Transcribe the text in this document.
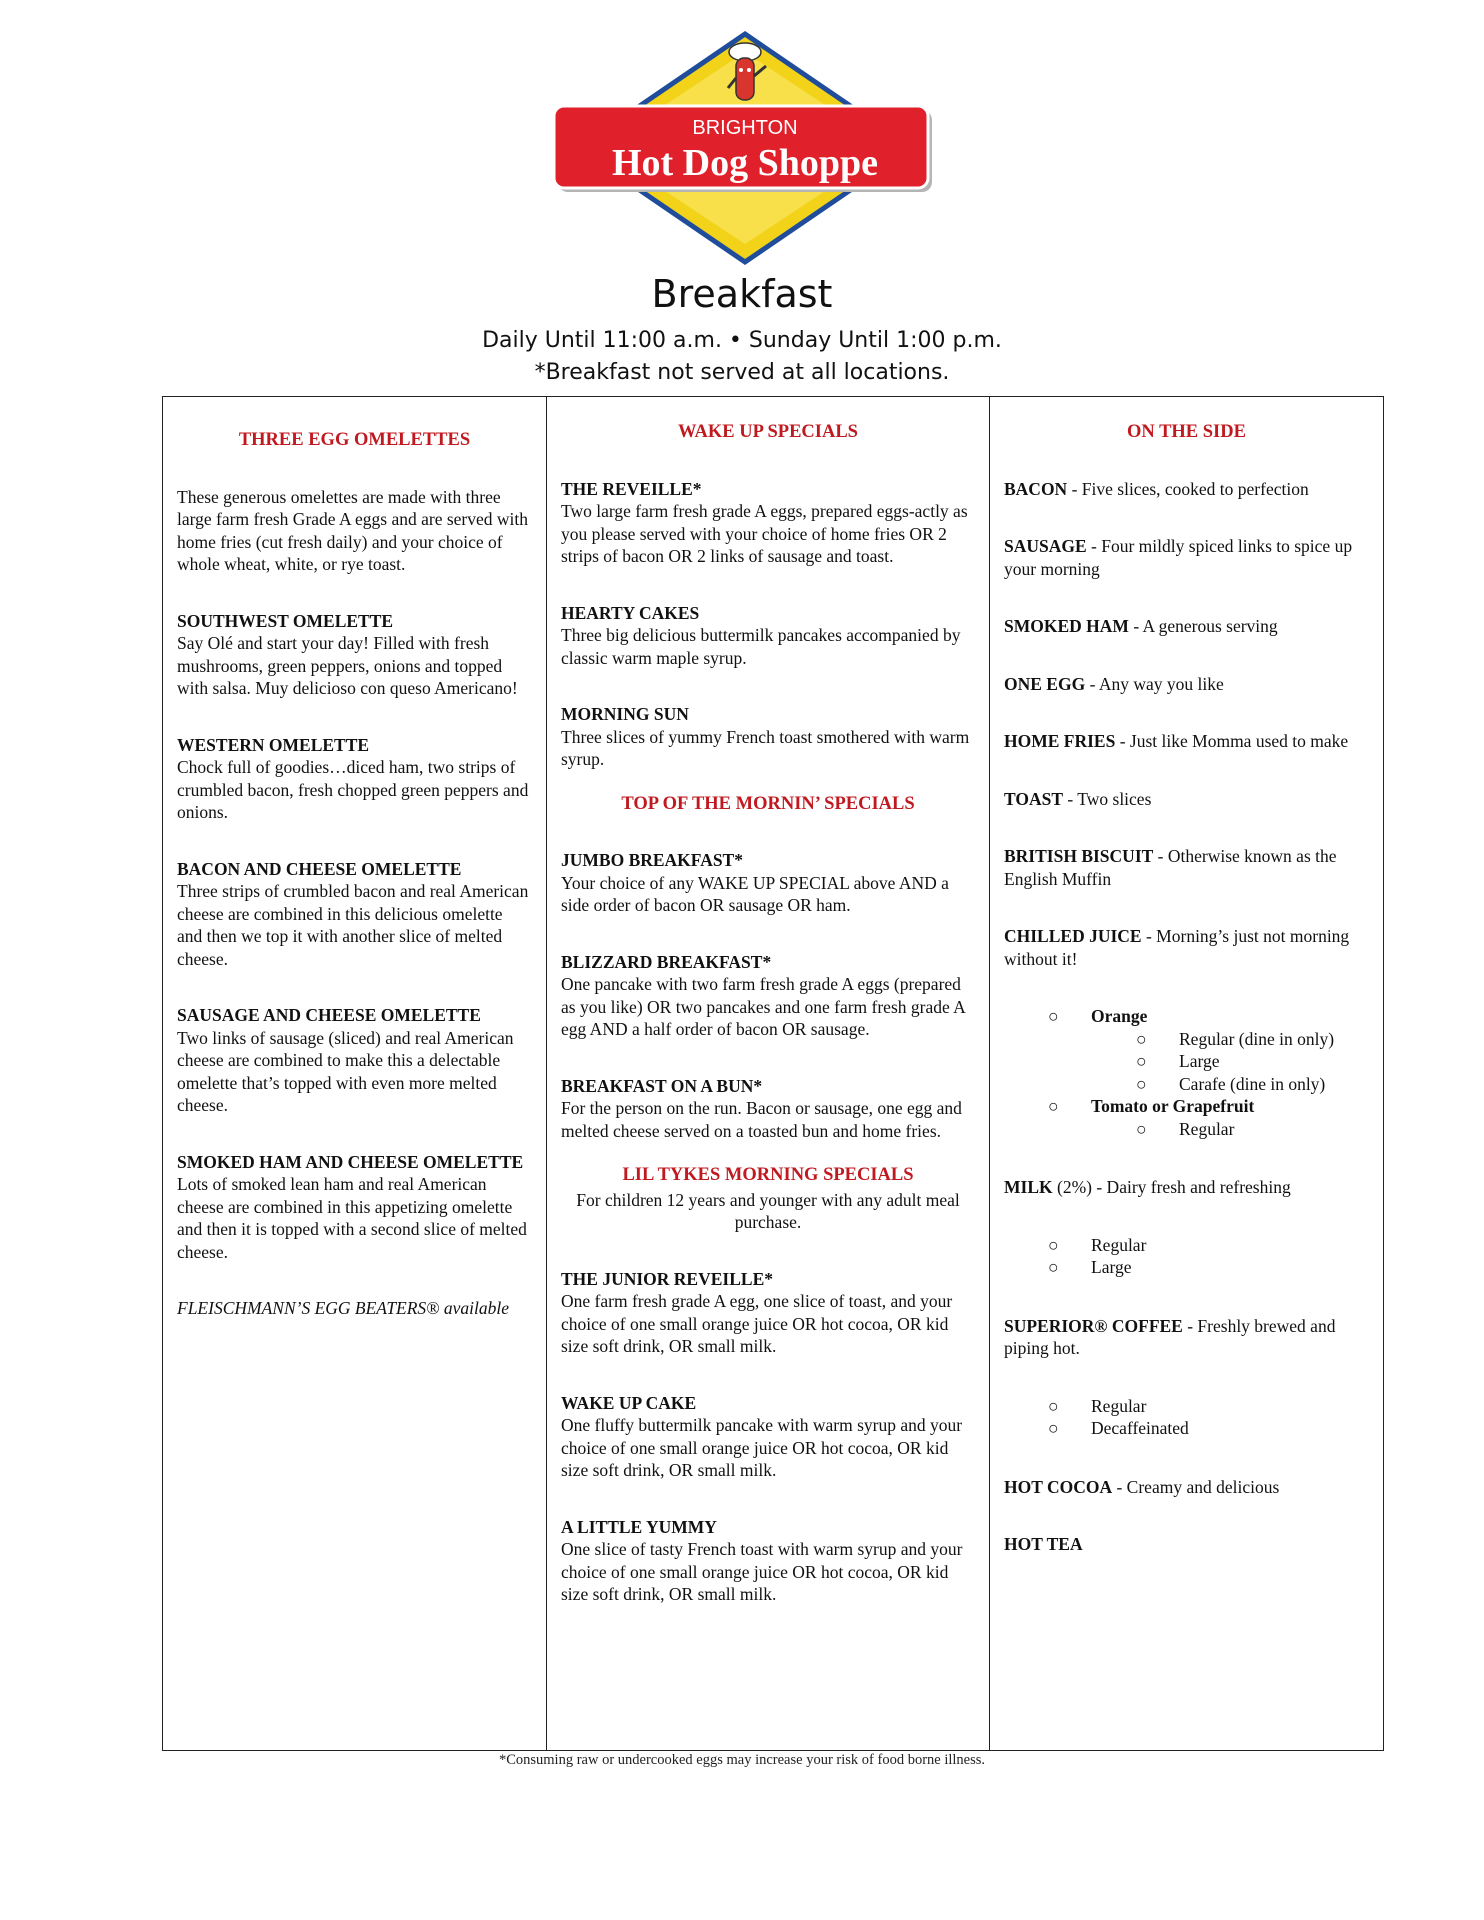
BRIGHTON
Hot Dog Shoppe
Breakfast
Daily Until 11:00 a.m. • Sunday Until 1:00 p.m.
*Breakfast not served at all locations.
THREE EGG OMELETTES
These generous omelettes are made with three large farm fresh Grade A eggs and are served with home fries (cut fresh daily) and your choice of whole wheat, white, or rye toast.
SOUTHWEST OMELETTE
Say Olé and start your day! Filled with fresh mushrooms, green peppers, onions and topped with salsa. Muy delicioso con queso Americano!
WESTERN OMELETTE
Chock full of goodies…diced ham, two strips of crumbled bacon, fresh chopped green peppers and onions.
BACON AND CHEESE OMELETTE
Three strips of crumbled bacon and real American cheese are combined in this delicious omelette and then we top it with another slice of melted cheese.
SAUSAGE AND CHEESE OMELETTE
Two links of sausage (sliced) and real American cheese are combined to make this a delectable omelette that’s topped with even more melted cheese.
SMOKED HAM AND CHEESE OMELETTE
Lots of smoked lean ham and real American cheese are combined in this appetizing omelette and then it is topped with a second slice of melted cheese.
FLEISCHMANN’S EGG BEATERS® available
WAKE UP SPECIALS
THE REVEILLE*
Two large farm fresh grade A eggs, prepared eggs-actly as you please served with your choice of home fries OR 2 strips of bacon OR 2 links of sausage and toast.
HEARTY CAKES
Three big delicious buttermilk pancakes accompanied by classic warm maple syrup.
MORNING SUN
Three slices of yummy French toast smothered with warm syrup.
TOP OF THE MORNIN’ SPECIALS
JUMBO BREAKFAST*
Your choice of any WAKE UP SPECIAL above AND a side order of bacon OR sausage OR ham.
BLIZZARD BREAKFAST*
One pancake with two farm fresh grade A eggs (prepared as you like) OR two pancakes and one farm fresh grade A egg AND a half order of bacon OR sausage.
BREAKFAST ON A BUN*
For the person on the run. Bacon or sausage, one egg and melted cheese served on a toasted bun and home fries.
LIL TYKES MORNING SPECIALS
For children 12 years and younger with any adult meal purchase.
THE JUNIOR REVEILLE*
One farm fresh grade A egg, one slice of toast, and your choice of one small orange juice OR hot cocoa, OR kid size soft drink, OR small milk.
WAKE UP CAKE
One fluffy buttermilk pancake with warm syrup and your choice of one small orange juice OR hot cocoa, OR kid size soft drink, OR small milk.
A LITTLE YUMMY
One slice of tasty French toast with warm syrup and your choice of one small orange juice OR hot cocoa, OR kid size soft drink, OR small milk.
ON THE SIDE
BACON - Five slices, cooked to perfection
SAUSAGE - Four mildly spiced links to spice up your morning
SMOKED HAM - A generous serving
ONE EGG - Any way you like
HOME FRIES - Just like Momma used to make
TOAST - Two slices
BRITISH BISCUIT - Otherwise known as the English Muffin
CHILLED JUICE - Morning’s just not morning without it!
○ Orange
○ Regular (dine in only)
○ Large
○ Carafe (dine in only)
○ Tomato or Grapefruit
○ Regular
MILK (2%) - Dairy fresh and refreshing
○ Regular
○ Large
SUPERIOR® COFFEE - Freshly brewed and piping hot.
○ Regular
○ Decaffeinated
HOT COCOA - Creamy and delicious
HOT TEA
*Consuming raw or undercooked eggs may increase your risk of food borne illness.
